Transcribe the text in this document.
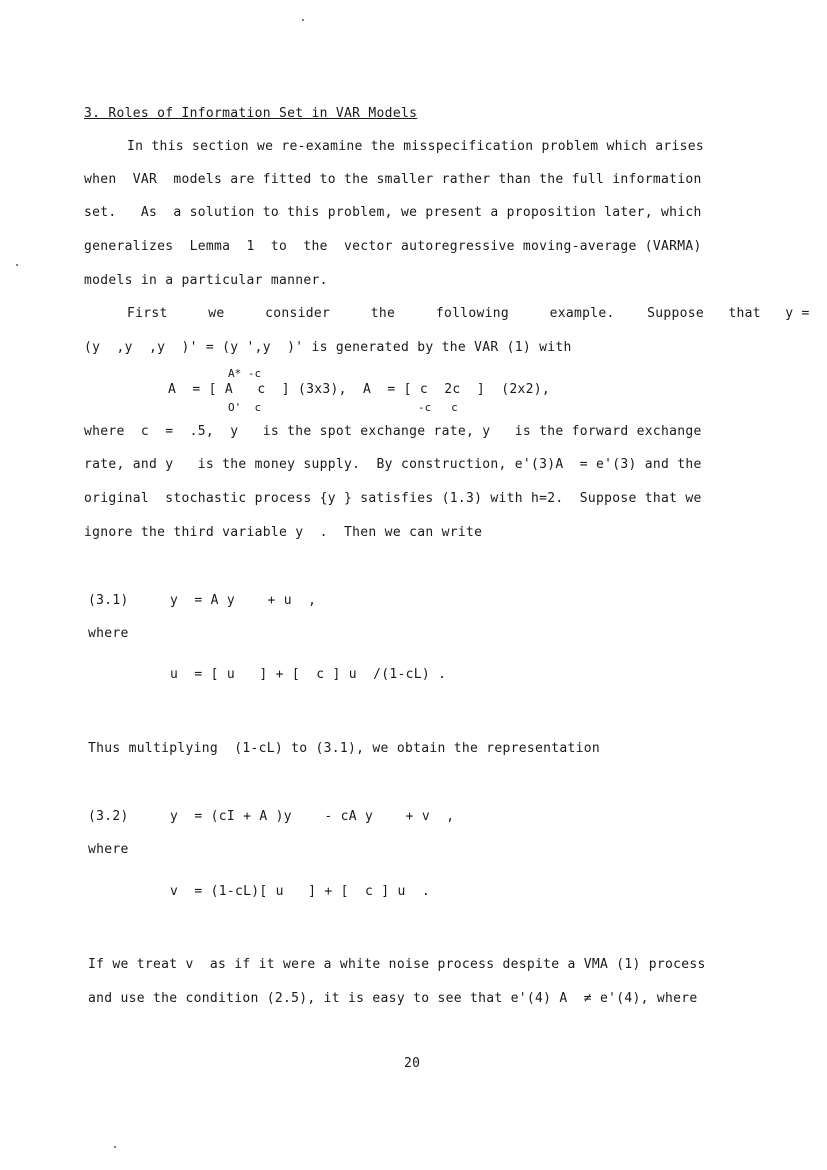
3. Roles of Information Set in VAR Models
In this section we re-examine the misspecification problem which arises
when  VAR  models are fitted to the smaller rather than the full information
set.   As  a solution to this problem, we present a proposition later, which
generalizes  Lemma  1  to  the  vector autoregressive moving-average (VARMA)
models in a particular manner.
First     we     consider     the     following     example.    Suppose   that   y =
(y  ,y  ,y  )' = (y ',y  )' is generated by the VAR (1) with
A  = [ A   c  ] (3x3),  A  = [ c  2c  ]  (2x2),
A* -c
O'  c	-c   c
where  c  =  .5,  y   is the spot exchange rate, y   is the forward exchange
rate, and y   is the money supply.  By construction, e'(3)A  = e'(3) and the
original  stochastic process {y } satisfies (1.3) with h=2.  Suppose that we
ignore the third variable y  .  Then we can write
(3.1)	y  = A y    + u  ,
where
u  = [ u   ] + [  c ] u  /(1-cL) .
Thus multiplying  (1-cL) to (3.1), we obtain the representation
(3.2)	y  = (cI + A )y    - cA y    + v  ,
where
v  = (1-cL)[ u   ] + [  c ] u  .
If we treat v  as if it were a white noise process despite a VMA (1) process
and use the condition (2.5), it is easy to see that e'(4) A  ≠ e'(4), where
20
